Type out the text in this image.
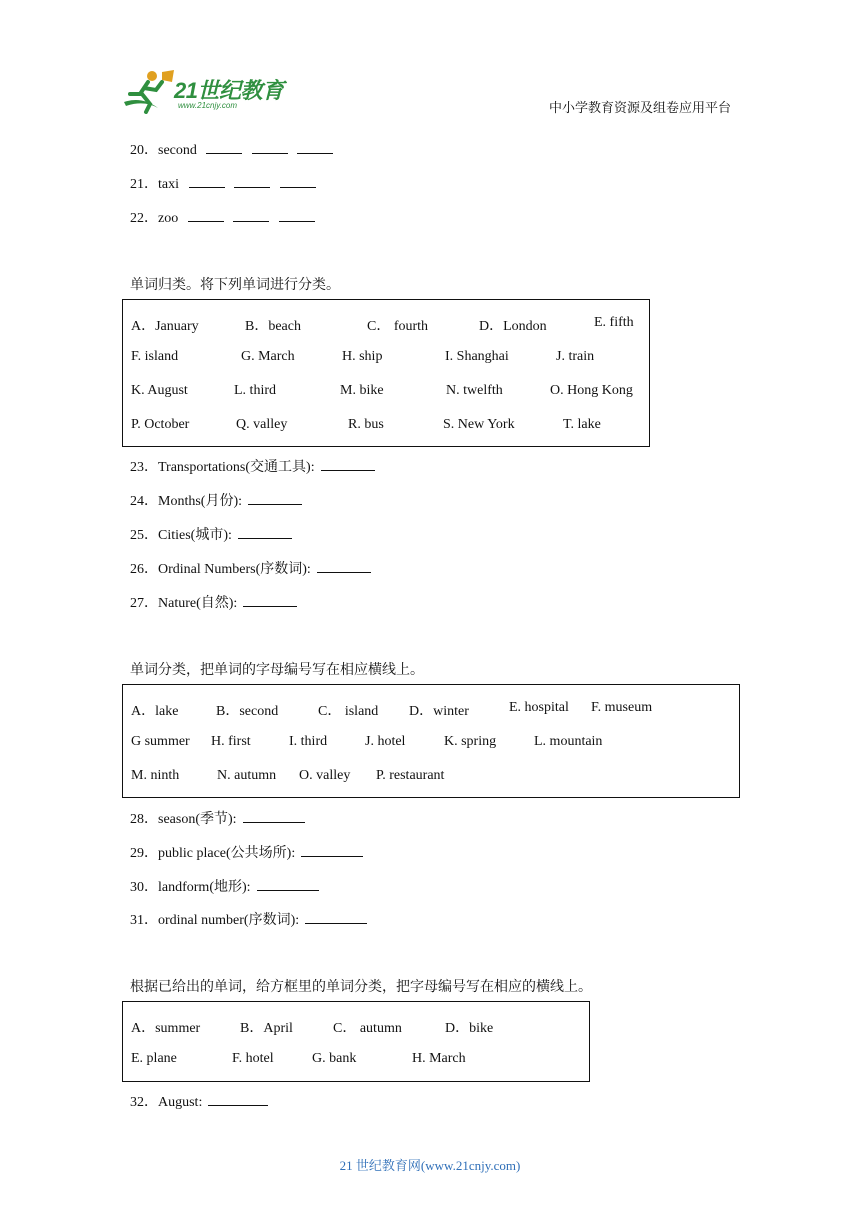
21世纪教育
www.21cnjy.com	中小学教育资源及组卷应用平台
20．second
21．taxi
22．zoo
单词归类。将下列单词进行分类。
A．January	B．beach	C． fourth	D．London	E. fifth
F. island	G. March	H. ship	I. Shanghai	J. train
K. August	L. third	M. bike	N. twelfth	O. Hong Kong
P. October	Q. valley	R. bus	S. New York	T. lake
23．Transportations(交通工具):
24．Months(月份):
25．Cities(城市):
26．Ordinal Numbers(序数词):
27．Nature(自然):
单词分类，把单词的字母编号写在相应横线上。
A．lake	B．second	C． island D．winter	E. hospital F. museum
G summer H. first	I. third	J. hotel	K. spring	L. mountain
M. ninth	N. autumn O. valley P. restaurant
28．season(季节):
29．public place(公共场所):
30．landform(地形):
31．ordinal number(序数词):
根据已给出的单词，给方框里的单词分类，把字母编号写在相应的横线上。
A．summer	B．April	C． autumn	D．bike
E. plane	F. hotel	G. bank	H. March
32．August:
21 世纪教育网(www.21cnjy.com)
